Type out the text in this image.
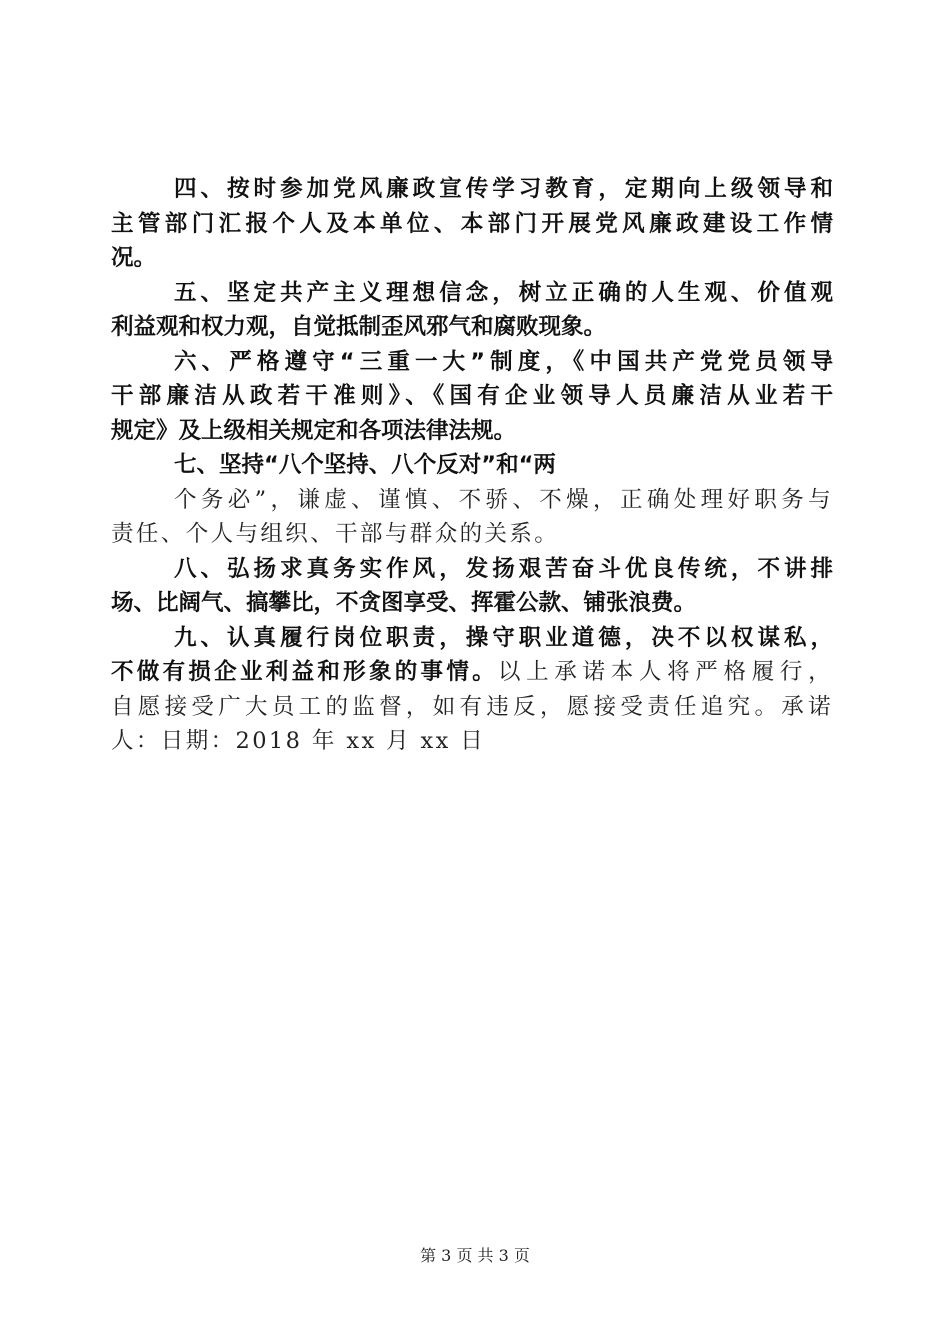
四、按时参加党风廉政宣传学习教育，定期向上级领导和
主管部门汇报个人及本单位、本部门开展党风廉政建设工作情
况。
五、坚定共产主义理想信念，树立正确的人生观、价值观
利益观和权力观，自觉抵制歪风邪气和腐败现象。
六、严格遵守“三重一大”制度，《中国共产党党员领导
干部廉洁从政若干准则》、《国有企业领导人员廉洁从业若干
规定》及上级相关规定和各项法律法规。
七、坚持“八个坚持、八个反对”和“两
个务必”，谦虚、谨慎、不骄、不燥，正确处理好职务与
责任、个人与组织、干部与群众的关系。
八、弘扬求真务实作风，发扬艰苦奋斗优良传统，不讲排
场、比阔气、搞攀比，不贪图享受、挥霍公款、铺张浪费。
九、认真履行岗位职责，操守职业道德，决不以权谋私，
不做有损企业利益和形象的事情。以上承诺本人将严格履行，
自愿接受广大员工的监督，如有违反，愿接受责任追究。承诺
人：日期：2018 年 xx 月 xx 日
第 3 页 共 3 页
